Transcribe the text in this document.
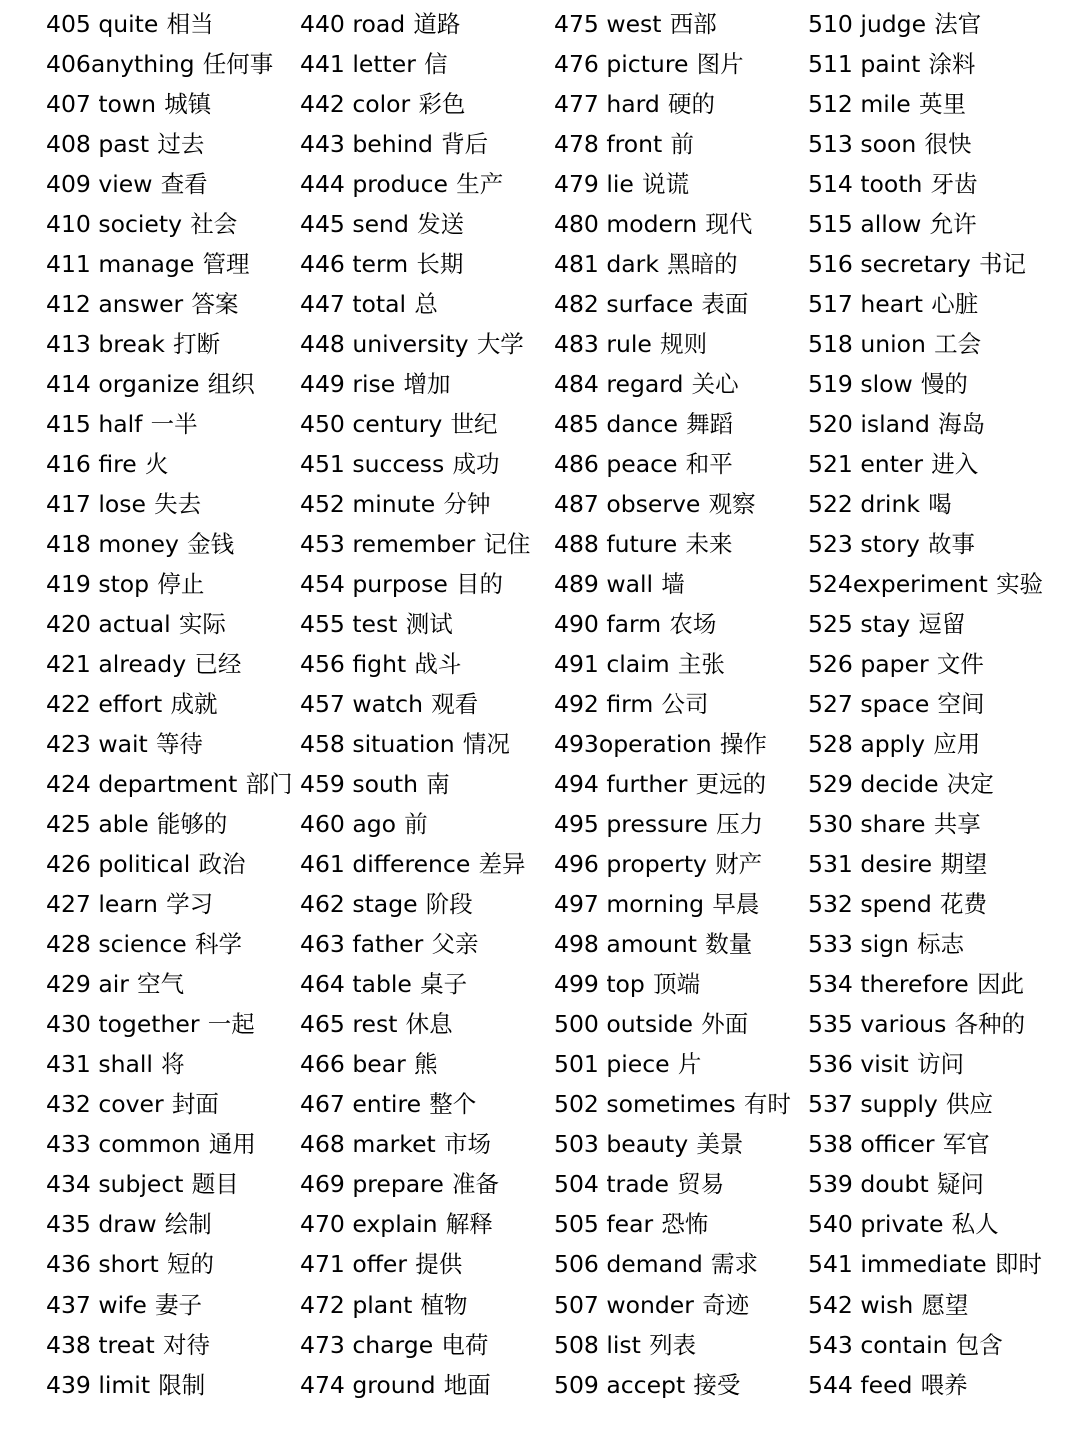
405 quite 相当
406anything 任何事
407 town 城镇
408 past 过去
409 view 查看
410 society 社会
411 manage 管理
412 answer 答案
413 break 打断
414 organize 组织
415 half 一半
416 fire 火
417 lose 失去
418 money 金钱
419 stop 停止
420 actual 实际
421 already 已经
422 effort 成就
423 wait 等待
424 department 部门
425 able 能够的
426 political 政治
427 learn 学习
428 science 科学
429 air 空气
430 together 一起
431 shall 将
432 cover 封面
433 common 通用
434 subject 题目
435 draw 绘制
436 short 短的
437 wife 妻子
438 treat 对待
439 limit 限制
440 road 道路
441 letter 信
442 color 彩色
443 behind 背后
444 produce 生产
445 send 发送
446 term 长期
447 total 总
448 university 大学
449 rise 增加
450 century 世纪
451 success 成功
452 minute 分钟
453 remember 记住
454 purpose 目的
455 test 测试
456 fight 战斗
457 watch 观看
458 situation 情况
459 south 南
460 ago 前
461 difference 差异
462 stage 阶段
463 father 父亲
464 table 桌子
465 rest 休息
466 bear 熊
467 entire 整个
468 market 市场
469 prepare 准备
470 explain 解释
471 offer 提供
472 plant 植物
473 charge 电荷
474 ground 地面
475 west 西部
476 picture 图片
477 hard 硬的
478 front 前
479 lie 说谎
480 modern 现代
481 dark 黑暗的
482 surface 表面
483 rule 规则
484 regard 关心
485 dance 舞蹈
486 peace 和平
487 observe 观察
488 future 未来
489 wall 墙
490 farm 农场
491 claim 主张
492 firm 公司
493operation 操作
494 further 更远的
495 pressure 压力
496 property 财产
497 morning 早晨
498 amount 数量
499 top 顶端
500 outside 外面
501 piece 片
502 sometimes 有时
503 beauty 美景
504 trade 贸易
505 fear 恐怖
506 demand 需求
507 wonder 奇迹
508 list 列表
509 accept 接受
510 judge 法官
511 paint 涂料
512 mile 英里
513 soon 很快
514 tooth 牙齿
515 allow 允许
516 secretary 书记
517 heart 心脏
518 union 工会
519 slow 慢的
520 island 海岛
521 enter 进入
522 drink 喝
523 story 故事
524experiment 实验
525 stay 逗留
526 paper 文件
527 space 空间
528 apply 应用
529 decide 决定
530 share 共享
531 desire 期望
532 spend 花费
533 sign 标志
534 therefore 因此
535 various 各种的
536 visit 访问
537 supply 供应
538 officer 军官
539 doubt 疑问
540 private 私人
541 immediate 即时
542 wish 愿望
543 contain 包含
544 feed 喂养
